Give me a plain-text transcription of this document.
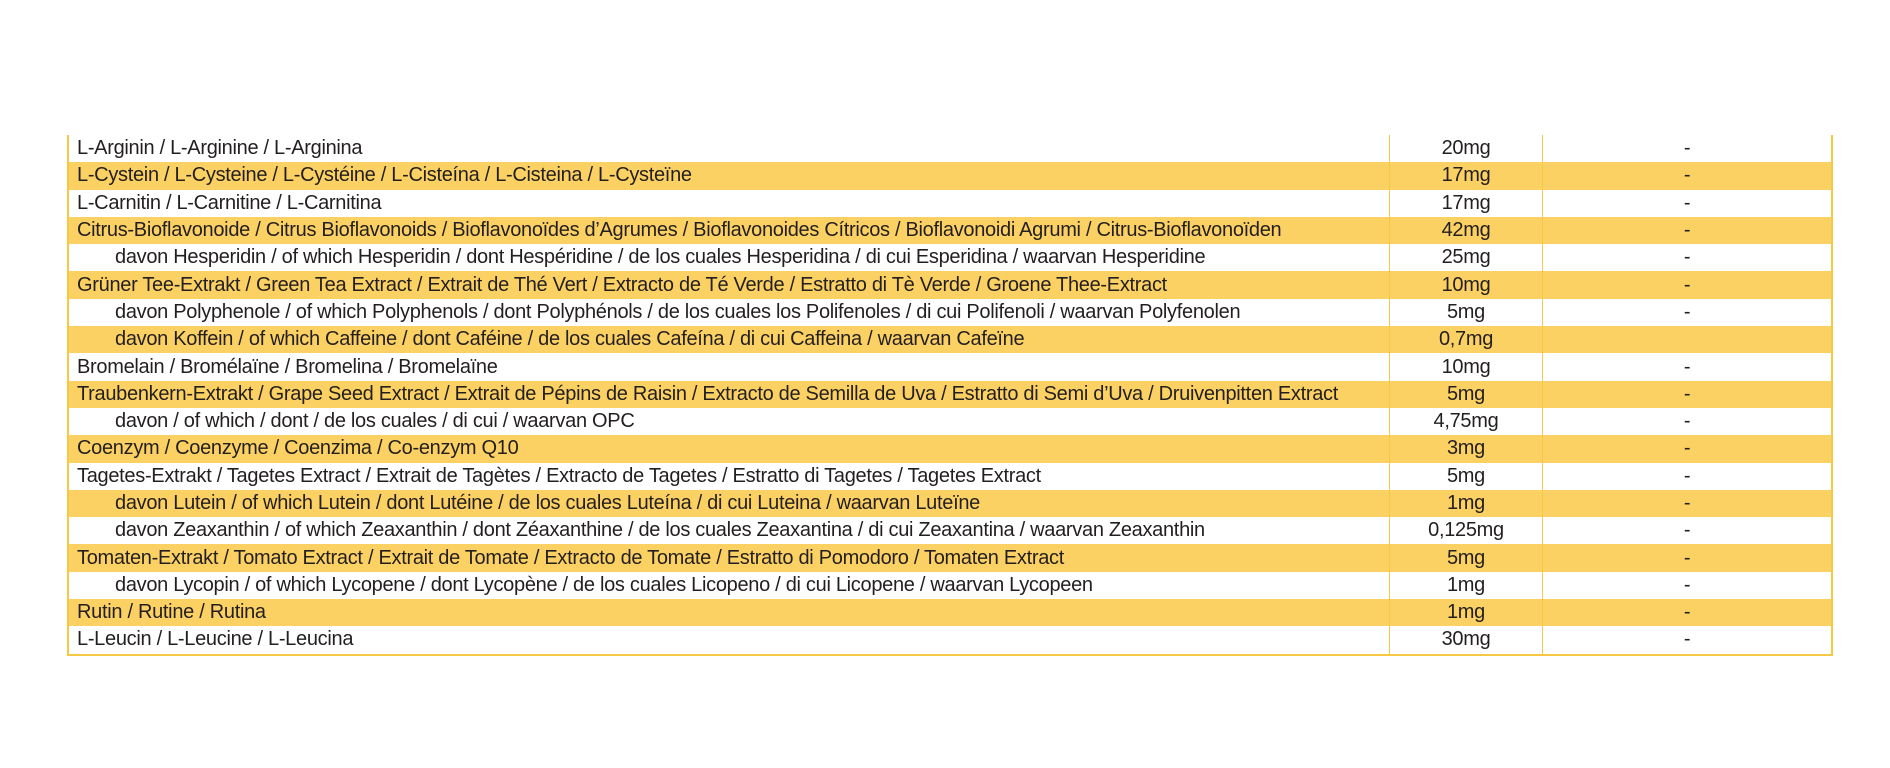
L-Arginin / L-Arginine / L-Arginina	20mg	-
L-Cystein / L-Cysteine / L-Cystéine / L-Cisteína / L-Cisteina / L-Cysteïne	17mg	-
L-Carnitin / L-Carnitine / L-Carnitina	17mg	-
Citrus-Bioflavonoide / Citrus Bioflavonoids / Bioflavonoïdes d’Agrumes / Bioflavonoides Cítricos / Bioflavonoidi Agrumi / Citrus-Bioflavonoïden	42mg	-
davon Hesperidin / of which Hesperidin / dont Hespéridine / de los cuales Hesperidina / di cui Esperidina / waarvan Hesperidine	25mg	-
Grüner Tee-Extrakt / Green Tea Extract / Extrait de Thé Vert / Extracto de Té Verde / Estratto di Tè Verde / Groene Thee-Extract	10mg	-
davon Polyphenole / of which Polyphenols / dont Polyphénols / de los cuales los Polifenoles / di cui Polifenoli / waarvan Polyfenolen	5mg	-
davon Koffein / of which Caffeine / dont Caféine / de los cuales Cafeína / di cui Caffeina / waarvan Cafeïne	0,7mg
Bromelain / Bromélaïne / Bromelina / Bromelaïne	10mg	-
Traubenkern-Extrakt / Grape Seed Extract / Extrait de Pépins de Raisin / Extracto de Semilla de Uva / Estratto di Semi d’Uva / Druivenpitten Extract	5mg	-
davon / of which / dont / de los cuales / di cui / waarvan OPC	4,75mg	-
Coenzym / Coenzyme / Coenzima / Co-enzym Q10	3mg	-
Tagetes-Extrakt / Tagetes Extract / Extrait de Tagètes / Extracto de Tagetes / Estratto di Tagetes / Tagetes Extract	5mg	-
davon Lutein / of which Lutein / dont Lutéine / de los cuales Luteína / di cui Luteina / waarvan Luteïne	1mg	-
davon Zeaxanthin / of which Zeaxanthin / dont Zéaxanthine / de los cuales Zeaxantina / di cui Zeaxantina / waarvan Zeaxanthin	0,125mg	-
Tomaten-Extrakt / Tomato Extract / Extrait de Tomate / Extracto de Tomate / Estratto di Pomodoro / Tomaten Extract	5mg	-
davon Lycopin / of which Lycopene / dont Lycopène / de los cuales Licopeno / di cui Licopene / waarvan Lycopeen	1mg	-
Rutin / Rutine / Rutina	1mg	-
L-Leucin / L-Leucine / L-Leucina	30mg	-
